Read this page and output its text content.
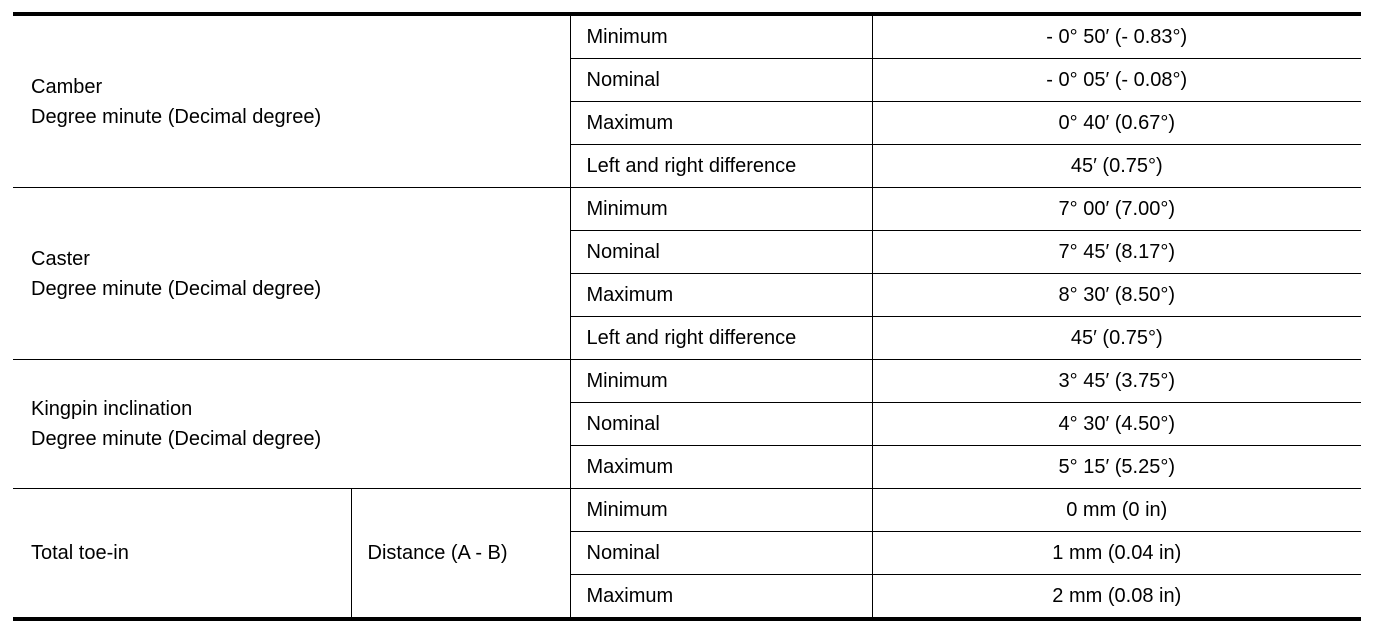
Camber
Degree minute (Decimal degree)		Minimum	- 0° 50′ (- 0.83°)
		Nominal	- 0° 05′ (- 0.08°)
		Maximum	0° 40′ (0.67°)
		Left and right difference	45′ (0.75°)

Caster
Degree minute (Decimal degree)		Minimum	7° 00′ (7.00°)
		Nominal	7° 45′ (8.17°)
		Maximum	8° 30′ (8.50°)
		Left and right difference	45′ (0.75°)

Kingpin inclination
Degree minute (Decimal degree)		Minimum	3° 45′ (3.75°)
		Nominal	4° 30′ (4.50°)
		Maximum	5° 15′ (5.25°)

Total toe-in	Distance (A - B)	Minimum	0 mm (0 in)
		Nominal	1 mm (0.04 in)
		Maximum	2 mm (0.08 in)
